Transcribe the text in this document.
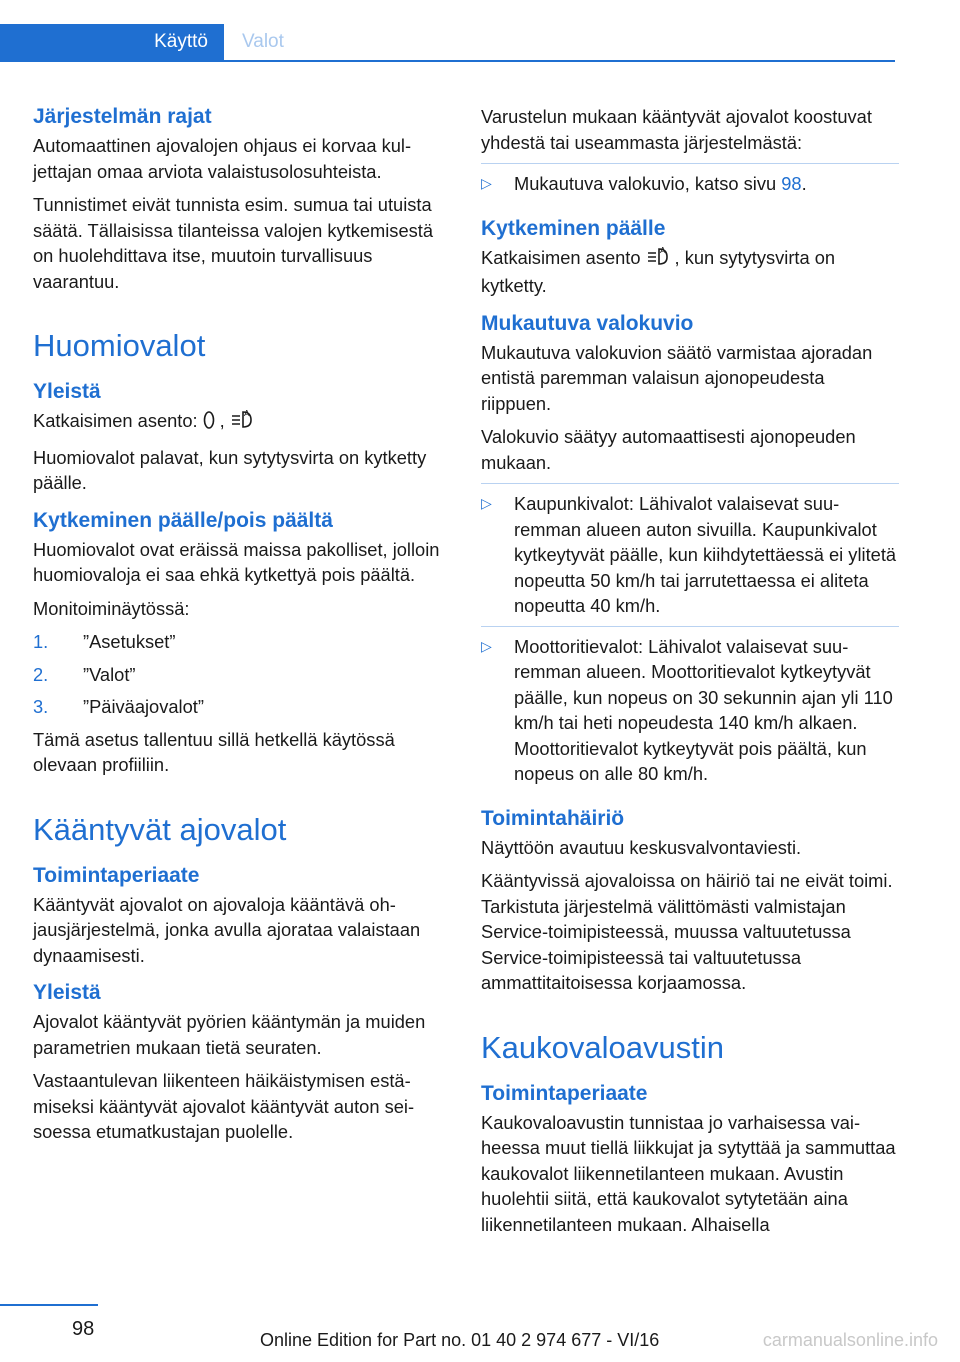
Käyttö	Valot
Järjestelmän rajat

Automaattinen ajovalojen ohjaus ei korvaa kuljettajan omaa arviota valaistusolosuhteista.

Tunnistimet eivät tunnista esim. sumua tai utuista säätä. Tällaisissa tilanteissa valojen kytkemisestä on huolehdittava itse, muutoin turvallisuus vaarantuu.

Huomiovalot
Yleistä

Katkaisimen asento: , A

Huomiovalot palavat, kun sytytysvirta on kytketty päälle.

Kytkeminen päälle/pois päältä

Huomiovalot ovat eräissä maissa pakolliset, jolloin huomiovaloja ei saa ehkä kytkettyä pois päältä.

Monitoiminäytössä:

1. ”Asetukset”
2. ”Valot”
3. ”Päiväajovalot”

Tämä asetus tallentuu sillä hetkellä käytössä olevaan profiiliin.

Kääntyvät ajovalot
Toimintaperiaate

Kääntyvät ajovalot on ajovaloja kääntävä ohjausjärjestelmä, jonka avulla ajorataa valaistaan dynaamisesti.

Yleistä

Ajovalot kääntyvät pyörien kääntymän ja muiden parametrien mukaan tietä seuraten.

Vastaantulevan liikenteen häikäistymisen estämiseksi kääntyvät ajovalot kääntyvät auton seisoessa etumatkustajan puolelle.

Varustelun mukaan kääntyvät ajovalot koostuvat yhdestä tai useammasta järjestelmästä:

▷ Mukautuva valokuvio, katso sivu 98.
Kytkeminen päälle

Katkaisimen asento A , kun sytytysvirta on kytketty.

Mukautuva valokuvio

Mukautuva valokuvion säätö varmistaa ajoradan entistä paremman valaisun ajonopeudesta riippuen.

Valokuvio säätyy automaattisesti ajonopeuden mukaan.

▷ Kaupunkivalot: Lähivalot valaisevat suuremman alueen auton sivuilla. Kaupunkivalot kytkeytyvät päälle, kun kiihdytettäessä ei ylitetä nopeutta 50 km/h tai jarrutettaessa ei aliteta nopeutta 40 km/h.
▷ Moottoritievalot: Lähivalot valaisevat suuremman alueen. Moottoritievalot kytkeytyvät päälle, kun nopeus on 30 sekunnin ajan yli 110 km/h tai heti nopeudesta 140 km/h alkaen. Moottoritievalot kytkeytyvät pois päältä, kun nopeus on alle 80 km/h.
Toimintahäiriö

Näyttöön avautuu keskusvalvontaviesti.

Kääntyvissä ajovaloissa on häiriö tai ne eivät toimi. Tarkistuta järjestelmä välittömästi valmistajan Service-toimipisteessä, muussa valtuutetussa Service-toimipisteessä tai valtuutetussa ammattitaitoisessa korjaamossa.

Kaukovaloavustin
Toimintaperiaate

Kaukovaloavustin tunnistaa jo varhaisessa vaiheessa muut tiellä liikkujat ja sytyttää ja sammuttaa kaukovalot liikennetilanteen mukaan. Avustin huolehtii siitä, että kaukovalot sytytetään aina liikennetilanteen mukaan. Alhaisella

98	Online Edition for Part no. 01 40 2 974 677 - VI/16	carmanualsonline.info
